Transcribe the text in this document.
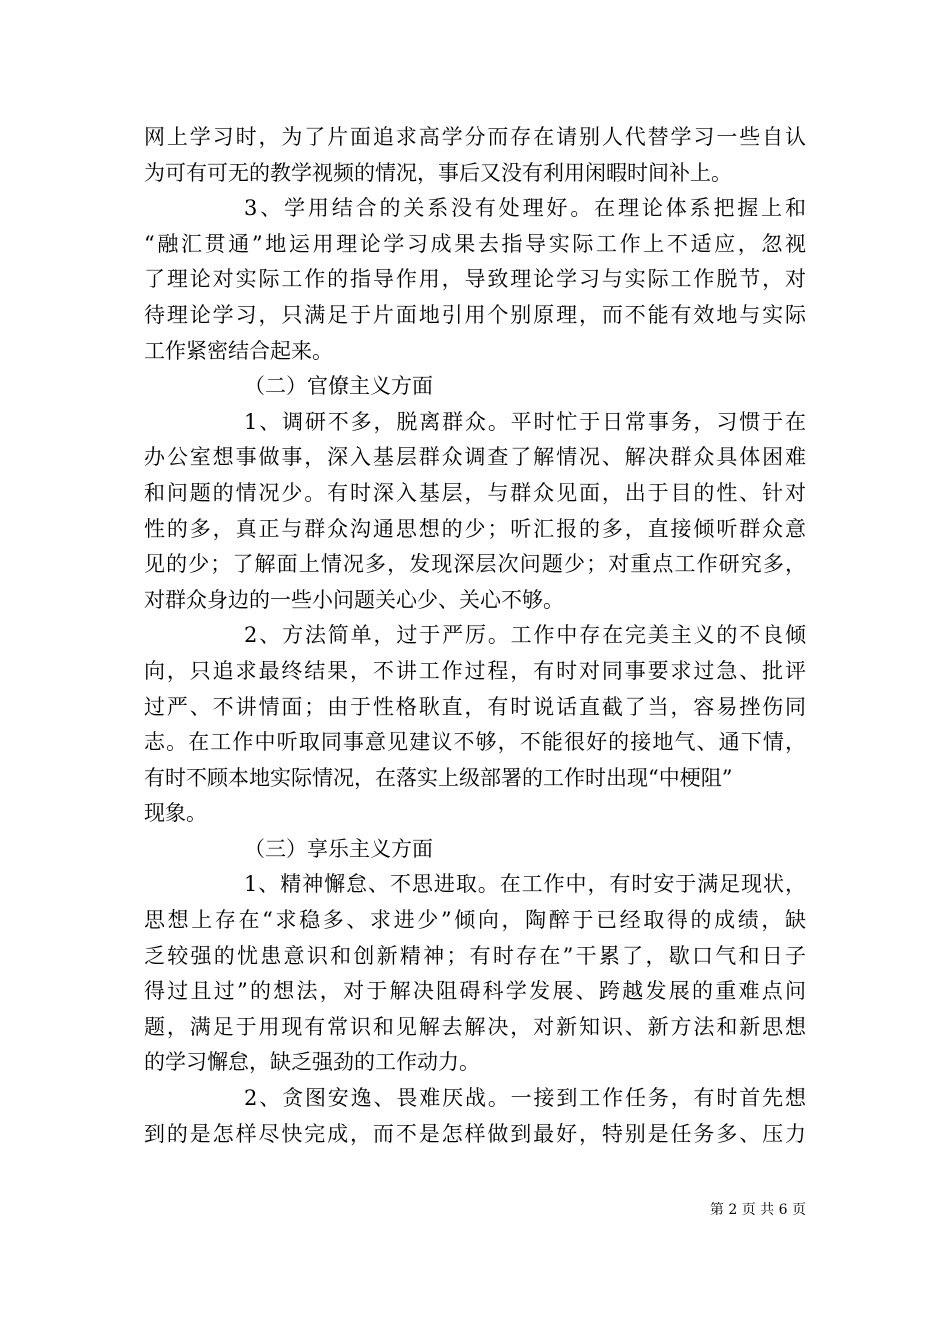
网上学习时，为了片面追求高学分而存在请别人代替学习一些自认
为可有可无的教学视频的情况，事后又没有利用闲暇时间补上。
3、学用结合的关系没有处理好。在理论体系把握上和
“融汇贯通”地运用理论学习成果去指导实际工作上不适应，忽视
了理论对实际工作的指导作用，导致理论学习与实际工作脱节，对
待理论学习，只满足于片面地引用个别原理，而不能有效地与实际
工作紧密结合起来。
（二）官僚主义方面
1、调研不多，脱离群众。平时忙于日常事务，习惯于在
办公室想事做事，深入基层群众调查了解情况、解决群众具体困难
和问题的情况少。有时深入基层，与群众见面，出于目的性、针对
性的多，真正与群众沟通思想的少；听汇报的多，直接倾听群众意
见的少；了解面上情况多，发现深层次问题少；对重点工作研究多，
对群众身边的一些小问题关心少、关心不够。
2、方法简单，过于严厉。工作中存在完美主义的不良倾
向，只追求最终结果，不讲工作过程，有时对同事要求过急、批评
过严、不讲情面；由于性格耿直，有时说话直截了当，容易挫伤同
志。在工作中听取同事意见建议不够，不能很好的接地气、通下情，
有时不顾本地实际情况，在落实上级部署的工作时出现“中梗阻”
现象。
（三）享乐主义方面
1、精神懈怠、不思进取。在工作中，有时安于满足现状，
思想上存在“求稳多、求进少”倾向，陶醉于已经取得的成绩，缺
乏较强的忧患意识和创新精神；有时存在”干累了，歇口气和日子
得过且过”的想法，对于解决阻碍科学发展、跨越发展的重难点问
题，满足于用现有常识和见解去解决，对新知识、新方法和新思想
的学习懈怠，缺乏强劲的工作动力。
2、贪图安逸、畏难厌战。一接到工作任务，有时首先想
到的是怎样尽快完成，而不是怎样做到最好，特别是任务多、压力
第 2 页 共 6 页
